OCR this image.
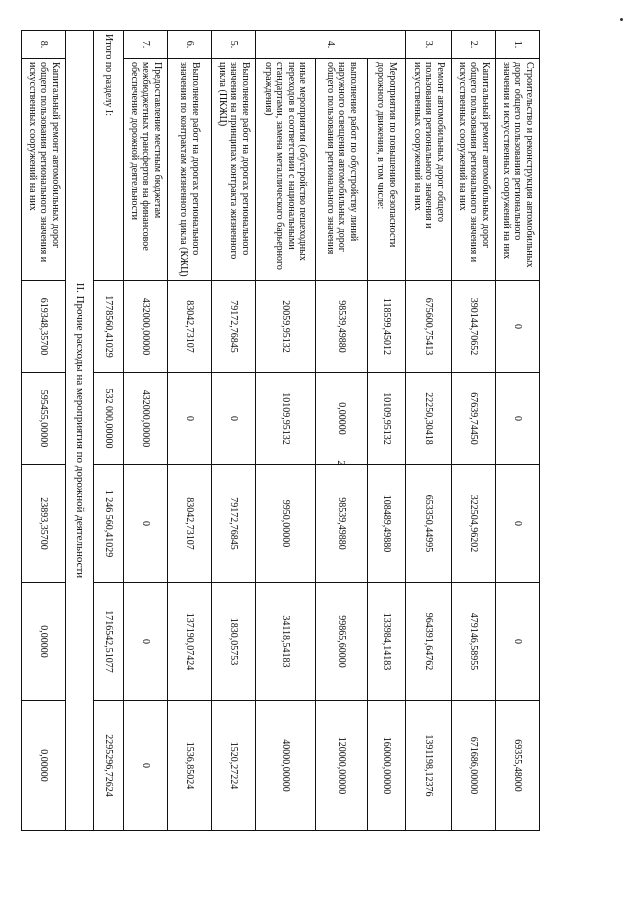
2
1.	Строительство и реконструкция автомобильных дорог общего пользования регионального значения и искусственных сооружений на них	0	0	0	0	69355,48000
2.	Капитальный ремонт автомобильных дорог общего пользования регионального значения и искусственных сооружений на них	390144,70652	67639,74450	322504,96202	479146,58955	671686,00000
3.	Ремонт автомобильных дорог общего пользования регионального значения и искусственных сооружений на них	675600,75413	22250,30418	653350,44995	964391,64762	1391198,12376
4.	Мероприятия по повышению безопасности дорожного движения, в том числе:	118599,45012	10109,95132	108489,49880	133984,14183	160000,00000
	выполнение работ по обустройству линий наружного освещения автомобильных дорог общего пользования регионального значения	98539,49880	0,00000	98539,49880	99865,60000	120000,00000
	иные мероприятия (обустройство пешеходных переходов в соответствии с национальными стандартами, замена металлического барьерного ограждения)	20059,95132	10109,95132	9950,00000	34118,54183	40000,00000
5.	Выполнение работ на дорогах регионального значения на принципах контракта жизненного цикла (ПКЖЦ)	79172,76845	0	79172,76845	1830,05753	1520,27224
6.	Выполнение работ на дорогах регионального значения по контрактам жизненного цикла (КЖЦ)	83042,73107	0	83042,73107	137190,07424	1536,85024
7.	Предоставление местным бюджетам межбюджетных трансфертов на финансовое обеспечение дорожной деятельности	432000,00000	432000,00000	0	0	0
Итого по разделу I:		1778560,41029	532 000,00000	1 246 560,41029	1716542,51077	2295296,72624
II. Прочие расходы на мероприятия по дорожной деятельности						
8.	Капитальный ремонт автомобильных дорог общего пользования регионального значения и искусственных сооружений на них	619348,35700	595455,00000	23893,35700	0,00000	0,00000
